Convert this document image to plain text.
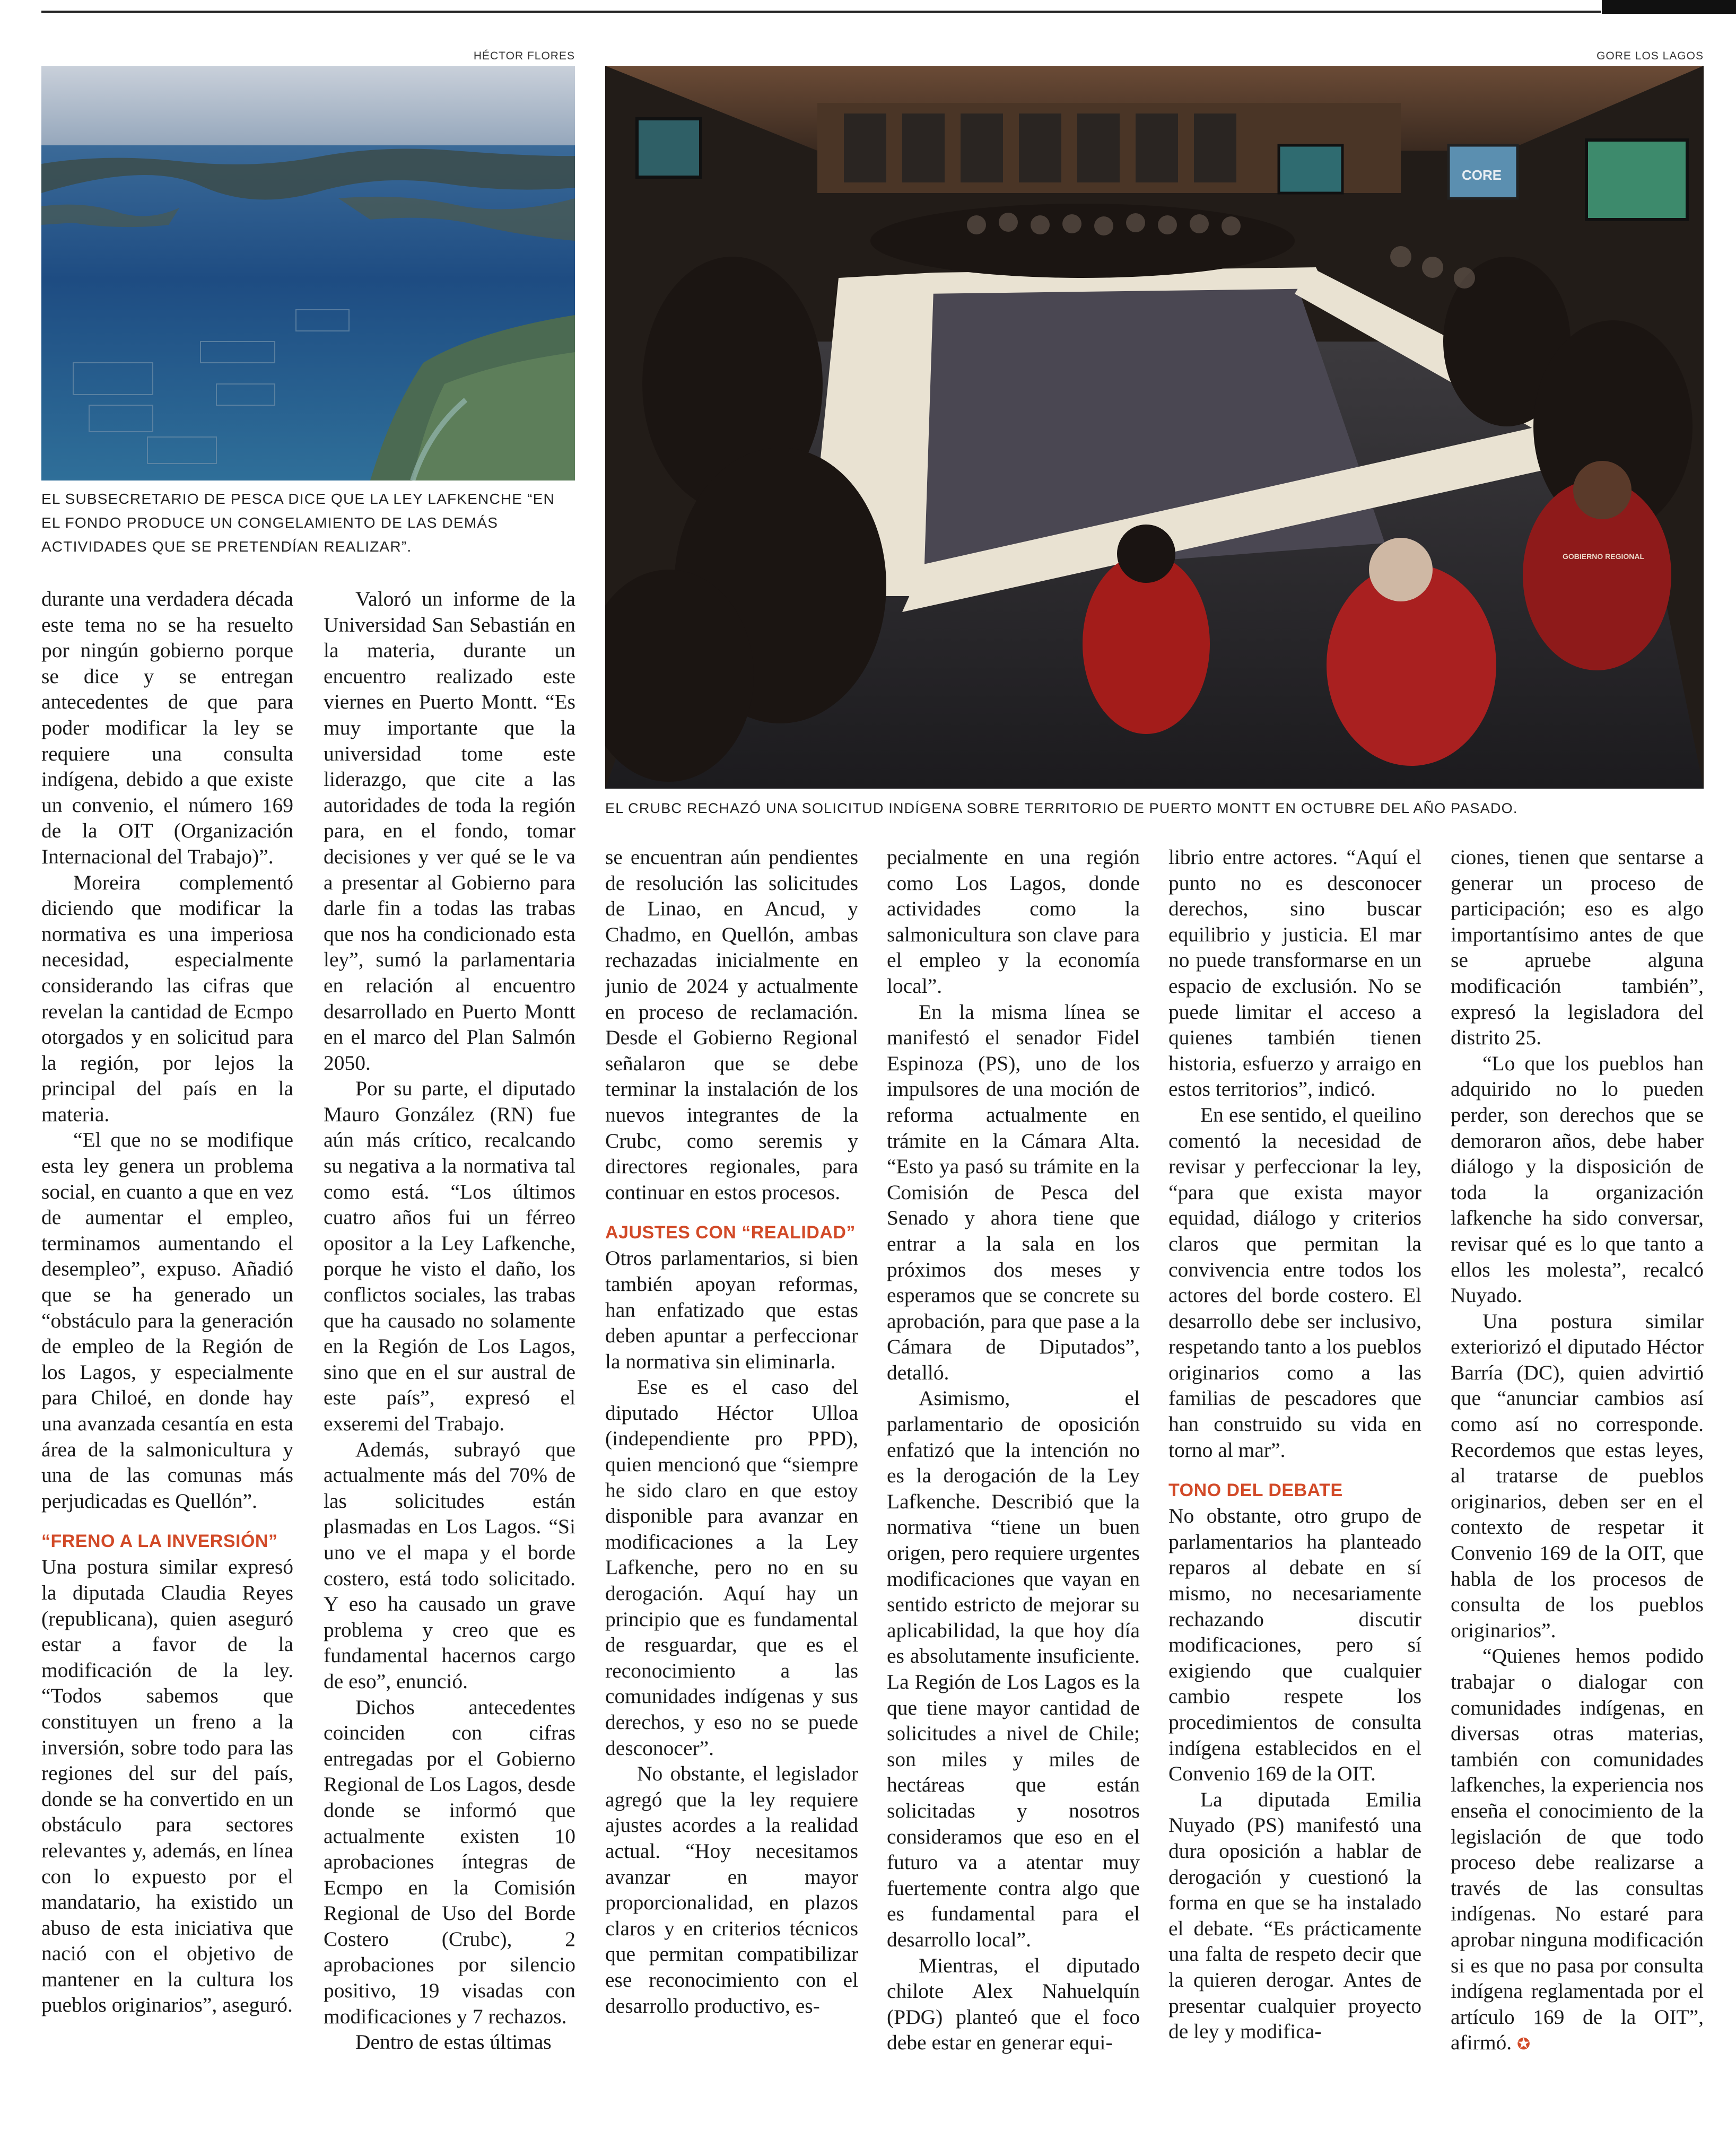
HÉCTOR FLORES	GORE LOS LAGOS
CORE
GOBIERNO REGIONAL
EL SUBSECRETARIO DE PESCA DICE QUE LA LEY LAFKENCHE “EN EL FONDO PRODUCE UN CONGELAMIENTO DE LAS DEMÁS ACTIVIDADES QUE SE PRETENDÍAN REALIZAR”.
EL CRUBC RECHAZÓ UNA SOLICITUD INDÍGENA SOBRE TERRITORIO DE PUERTO MONTT EN OCTUBRE DEL AÑO PASADO.

durante una verdadera década este tema no se ha resuelto por ningún gobierno porque se dice y se entregan antecedentes de que para poder modificar la ley se requiere una consulta indígena, debido a que existe un convenio, el número 169 de la OIT (Organización Internacional del Trabajo)”.

Moreira complementó diciendo que modificar la normativa es una imperiosa necesidad, especialmente considerando las cifras que revelan la cantidad de Ecmpo otorgados y en solicitud para la región, por lejos la principal del país en la materia.

“El que no se modifique esta ley genera un problema social, en cuanto a que en vez de aumentar el empleo, terminamos aumentando el desempleo”, expuso. Añadió que se ha generado un “obstáculo para la generación de empleo de la Región de los Lagos, y especialmente para Chiloé, en donde hay una avanzada cesantía en esta área de la salmonicultura y una de las comunas más perjudicadas es Quellón”.

“FRENO A LA INVERSIÓN”

Una postura similar expresó la diputada Claudia Reyes (republicana), quien aseguró estar a favor de la modificación de la ley. “Todos sabemos que constituyen un freno a la inversión, sobre todo para las regiones del sur del país, donde se ha convertido en un obstáculo para sectores relevantes y, además, en línea con lo expuesto por el mandatario, ha existido un abuso de esta iniciativa que nació con el objetivo de mantener en la cultura los pueblos originarios”, aseguró.

Valoró un informe de la Universidad San Sebastián en la materia, durante un encuentro realizado este viernes en Puerto Montt. “Es muy importante que la universidad tome este liderazgo, que cite a las autoridades de toda la región para, en el fondo, tomar decisiones y ver qué se le va a presentar al Gobierno para darle fin a todas las trabas que nos ha condicionado esta ley”, sumó la parlamentaria en relación al encuentro desarrollado en Puerto Montt en el marco del Plan Salmón 2050.

Por su parte, el diputado Mauro González (RN) fue aún más crítico, recalcando su negativa a la normativa tal como está. “Los últimos cuatro años fui un férreo opositor a la Ley Lafkenche, porque he visto el daño, los conflictos sociales, las trabas que ha causado no solamente en la Región de Los Lagos, sino que en el sur austral de este país”, expresó el exseremi del Trabajo.

Además, subrayó que actualmente más del 70% de las solicitudes están plasmadas en Los Lagos. “Si uno ve el mapa y el borde costero, está todo solicitado. Y eso ha causado un grave problema y creo que es fundamental hacernos cargo de eso”, enunció.

Dichos antecedentes coinciden con cifras entregadas por el Gobierno Regional de Los Lagos, desde donde se informó que actualmente existen 10 aprobaciones íntegras de Ecmpo en la Comisión Regional de Uso del Borde Costero (Crubc), 2 aprobaciones por silencio positivo, 19 visadas con modificaciones y 7 rechazos.

Dentro de estas últimas

se encuentran aún pendientes de resolución las solicitudes de Linao, en Ancud, y Chadmo, en Quellón, ambas rechazadas inicialmente en junio de 2024 y actualmente en proceso de reclamación. Desde el Gobierno Regional señalaron que se debe terminar la instalación de los nuevos integrantes de la Crubc, como seremis y directores regionales, para continuar en estos procesos.

AJUSTES CON “REALIDAD”

Otros parlamentarios, si bien también apoyan reformas, han enfatizado que estas deben apuntar a perfeccionar la normativa sin eliminarla.

Ese es el caso del diputado Héctor Ulloa (independiente pro PPD), quien mencionó que “siempre he sido claro en que estoy disponible para avanzar en modificaciones a la Ley Lafkenche, pero no en su derogación. Aquí hay un principio que es fundamental de resguardar, que es el reconocimiento a las comunidades indígenas y sus derechos, y eso no se puede desconocer”.

No obstante, el legislador agregó que la ley requiere ajustes acordes a la realidad actual. “Hoy necesitamos avanzar en mayor proporcionalidad, en plazos claros y en criterios técnicos que permitan compatibilizar ese reconocimiento con el desarrollo productivo, es-

pecialmente en una región como Los Lagos, donde actividades como la salmonicultura son clave para el empleo y la economía local”.

En la misma línea se manifestó el senador Fidel Espinoza (PS), uno de los impulsores de una moción de reforma actualmente en trámite en la Cámara Alta. “Esto ya pasó su trámite en la Comisión de Pesca del Senado y ahora tiene que entrar a la sala en los próximos dos meses y esperamos que se concrete su aprobación, para que pase a la Cámara de Diputados”, detalló.

Asimismo, el parlamentario de oposición enfatizó que la intención no es la derogación de la Ley Lafkenche. Describió que la normativa “tiene un buen origen, pero requiere urgentes modificaciones que vayan en sentido estricto de mejorar su aplicabilidad, la que hoy día es absolutamente insuficiente. La Región de Los Lagos es la que tiene mayor cantidad de solicitudes a nivel de Chile; son miles y miles de hectáreas que están solicitadas y nosotros consideramos que eso en el futuro va a atentar muy fuertemente contra algo que es fundamental para el desarrollo local”.

Mientras, el diputado chilote Alex Nahuelquín (PDG) planteó que el foco debe estar en generar equi-

librio entre actores. “Aquí el punto no es desconocer derechos, sino buscar equilibrio y justicia. El mar no puede transformarse en un espacio de exclusión. No se puede limitar el acceso a quienes también tienen historia, esfuerzo y arraigo en estos territorios”, indicó.

En ese sentido, el queilino comentó la necesidad de revisar y perfeccionar la ley, “para que exista mayor equidad, diálogo y criterios claros que permitan la convivencia entre todos los actores del borde costero. El desarrollo debe ser inclusivo, respetando tanto a los pueblos originarios como a las familias de pescadores que han construido su vida en torno al mar”.

TONO DEL DEBATE

No obstante, otro grupo de parlamentarios ha planteado reparos al debate en sí mismo, no necesariamente rechazando discutir modificaciones, pero sí exigiendo que cualquier cambio respete los procedimientos de consulta indígena establecidos en el Convenio 169 de la OIT.

La diputada Emilia Nuyado (PS) manifestó una dura oposición a hablar de derogación y cuestionó la forma en que se ha instalado el debate. “Es prácticamente una falta de respeto decir que la quieren derogar. Antes de presentar cualquier proyecto de ley y modifica-

ciones, tienen que sentarse a generar un proceso de participación; eso es algo importantísimo antes de que se apruebe alguna modificación también”, expresó la legisladora del distrito 25.

“Lo que los pueblos han adquirido no lo pueden perder, son derechos que se demoraron años, debe haber diálogo y la disposición de toda la organización lafkenche ha sido conversar, revisar qué es lo que tanto a ellos les molesta”, recalcó Nuyado.

Una postura similar exteriorizó el diputado Héctor Barría (DC), quien advirtió que “anunciar cambios así como así no corresponde. Recordemos que estas leyes, al tratarse de pueblos originarios, deben ser en el contexto de respetar it Convenio 169 de la OIT, que habla de los procesos de consulta de los pueblos originarios”.

“Quienes hemos podido trabajar o dialogar con comunidades indígenas, en diversas otras materias, también con comunidades lafkenches, la experiencia nos enseña el conocimiento de la legislación de que todo proceso debe realizarse a través de las consultas indígenas. No estaré para aprobar ninguna modificación si es que no pasa por consulta indígena reglamentada por el artículo 169 de la OIT”, afirmó. ✪
